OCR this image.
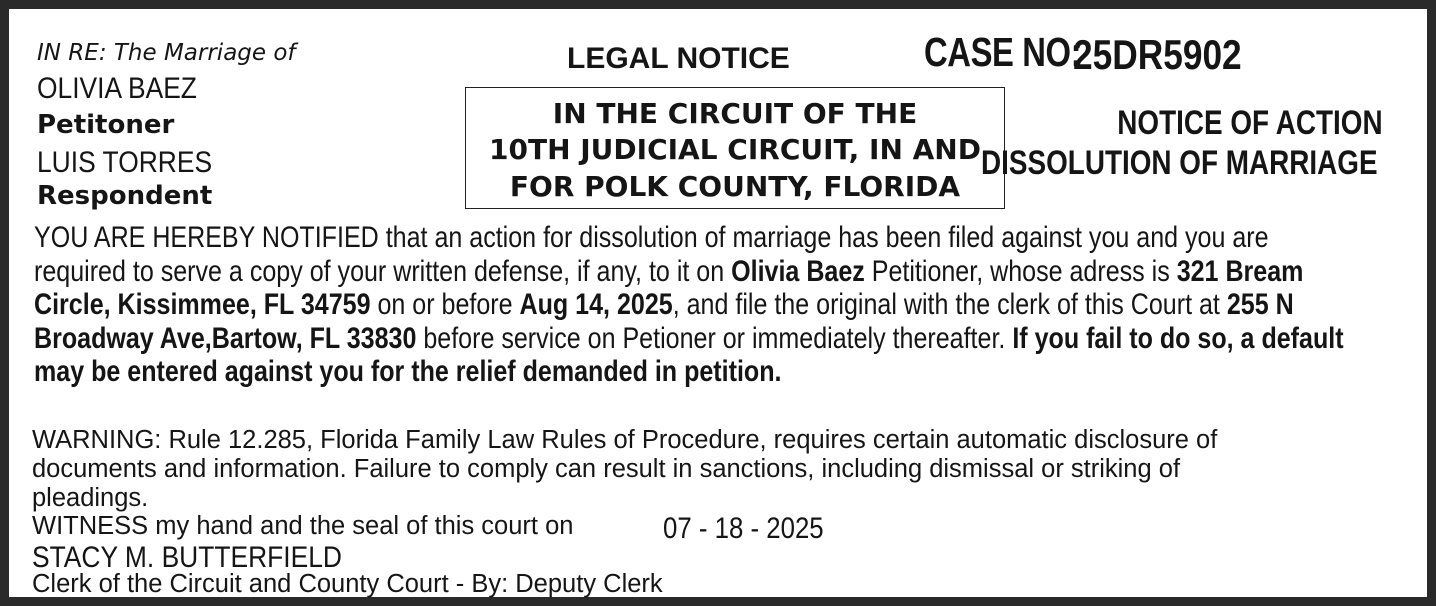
IN RE: The Marriage of
OLIVIA BAEZ
Petitoner
LUIS TORRES
Respondent
LEGAL NOTICE	CASE NO:
25DR5902
IN THE CIRCUIT OF THE
10TH JUDICIAL CIRCUIT, IN AND
FOR POLK COUNTY, FLORIDA
NOTICE OF ACTION
DISSOLUTION OF MARRIAGE
YOU ARE HEREBY NOTIFIED that an action for dissolution of marriage has been filed against you and you are
required to serve a copy of your written defense, if any, to it on Olivia Baez Petitioner, whose adress is 321 Bream
Circle, Kissimmee, FL 34759 on or before Aug 14, 2025, and file the original with the clerk of this Court at 255 N
Broadway Ave,Bartow, FL 33830 before service on Petioner or immediately thereafter. If you fail to do so, a default
may be entered against you for the relief demanded in petition.
WARNING: Rule 12.285, Florida Family Law Rules of Procedure, requires certain automatic disclosure of
documents and information. Failure to comply can result in sanctions, including dismissal or striking of
pleadings.
WITNESS my hand and the seal of this court on	07 - 18 - 2025
STACY M. BUTTERFIELD
Clerk of the Circuit and County Court - By: Deputy Clerk
